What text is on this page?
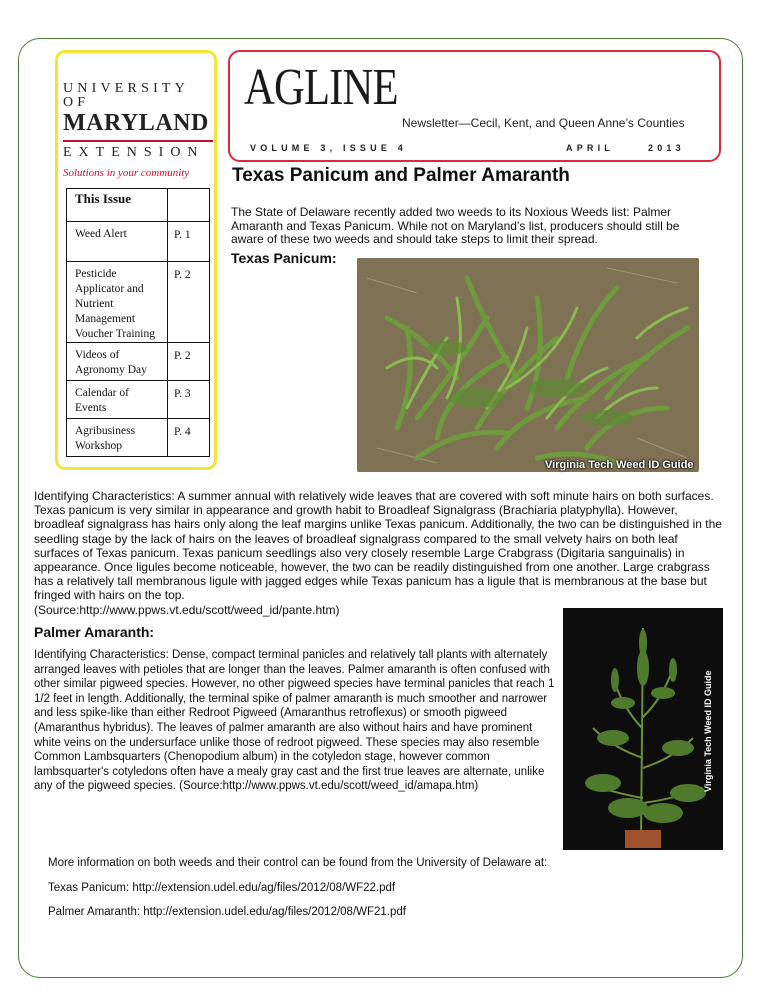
UNIVERSITY OF
MARYLAND
EXTENSION
Solutions in your community
AGLINE
Newsletter—Cecil, Kent, and Queen Anne’s Counties
VOLUME 3, ISSUE 4	APRIL	2013
This Issue	
Weed Alert	P. 1
Pesticide Applicator and Nutrient Management Voucher Training	P. 2
Videos of Agronomy Day	P. 2
Calendar of Events	P. 3
Agribusiness Workshop	P. 4
Texas Panicum and Palmer Amaranth
The State of Delaware recently added two weeds to its Noxious Weeds list: Palmer Amaranth and Texas Panicum. While not on Maryland’s list, producers should still be aware of these two weeds and should take steps to limit their spread.
Texas Panicum:
Virginia Tech Weed ID Guide
Identifying Characteristics: A summer annual with relatively wide leaves that are covered with soft minute hairs on both surfaces. Texas panicum is very similar in appearance and growth habit to Broadleaf Signalgrass (Brachiaria platyphylla). However, broadleaf signalgrass has hairs only along the leaf margins unlike Texas panicum. Additionally, the two can be distinguished in the seedling stage by the lack of hairs on the leaves of broadleaf signalgrass compared to the small velvety hairs on both leaf surfaces of Texas panicum. Texas panicum seedlings also very closely resemble Large Crabgrass (Digitaria sanguinalis) in appearance. Once ligules become noticeable, however, the two can be readily distinguished from one another. Large crabgrass has a relatively tall membranous ligule with jagged edges while Texas panicum has a ligule that is membranous at the base but fringed with hairs on the top.
(Source:http://www.ppws.vt.edu/scott/weed_id/pante.htm)
Palmer Amaranth:
Identifying Characteristics: Dense, compact terminal panicles and relatively tall plants with alternately arranged leaves with petioles that are longer than the leaves. Palmer amaranth is often confused with other similar pigweed species. However, no other pigweed species have terminal panicles that reach 1 1/2 feet in length. Additionally, the terminal spike of palmer amaranth is much smoother and narrower and less spike-like than either Redroot Pigweed (Amaranthus retroflexus) or smooth pigweed (Amaranthus hybridus). The leaves of palmer amaranth are also without hairs and have prominent white veins on the undersurface unlike those of redroot pigweed. These species may also resemble Common Lambsquarters (Chenopodium album) in the cotyledon stage, however common lambsquarter's cotyledons often have a mealy gray cast and the first true leaves are alternate, unlike any of the pigweed species. (Source:http://www.ppws.vt.edu/scott/weed_id/amapa.htm)	Virginia Tech Weed ID Guide

More information on both weeds and their control can be found from the University of Delaware at:

Texas Panicum: http://extension.udel.edu/ag/files/2012/08/WF22.pdf

Palmer Amaranth: http://extension.udel.edu/ag/files/2012/08/WF21.pdf
